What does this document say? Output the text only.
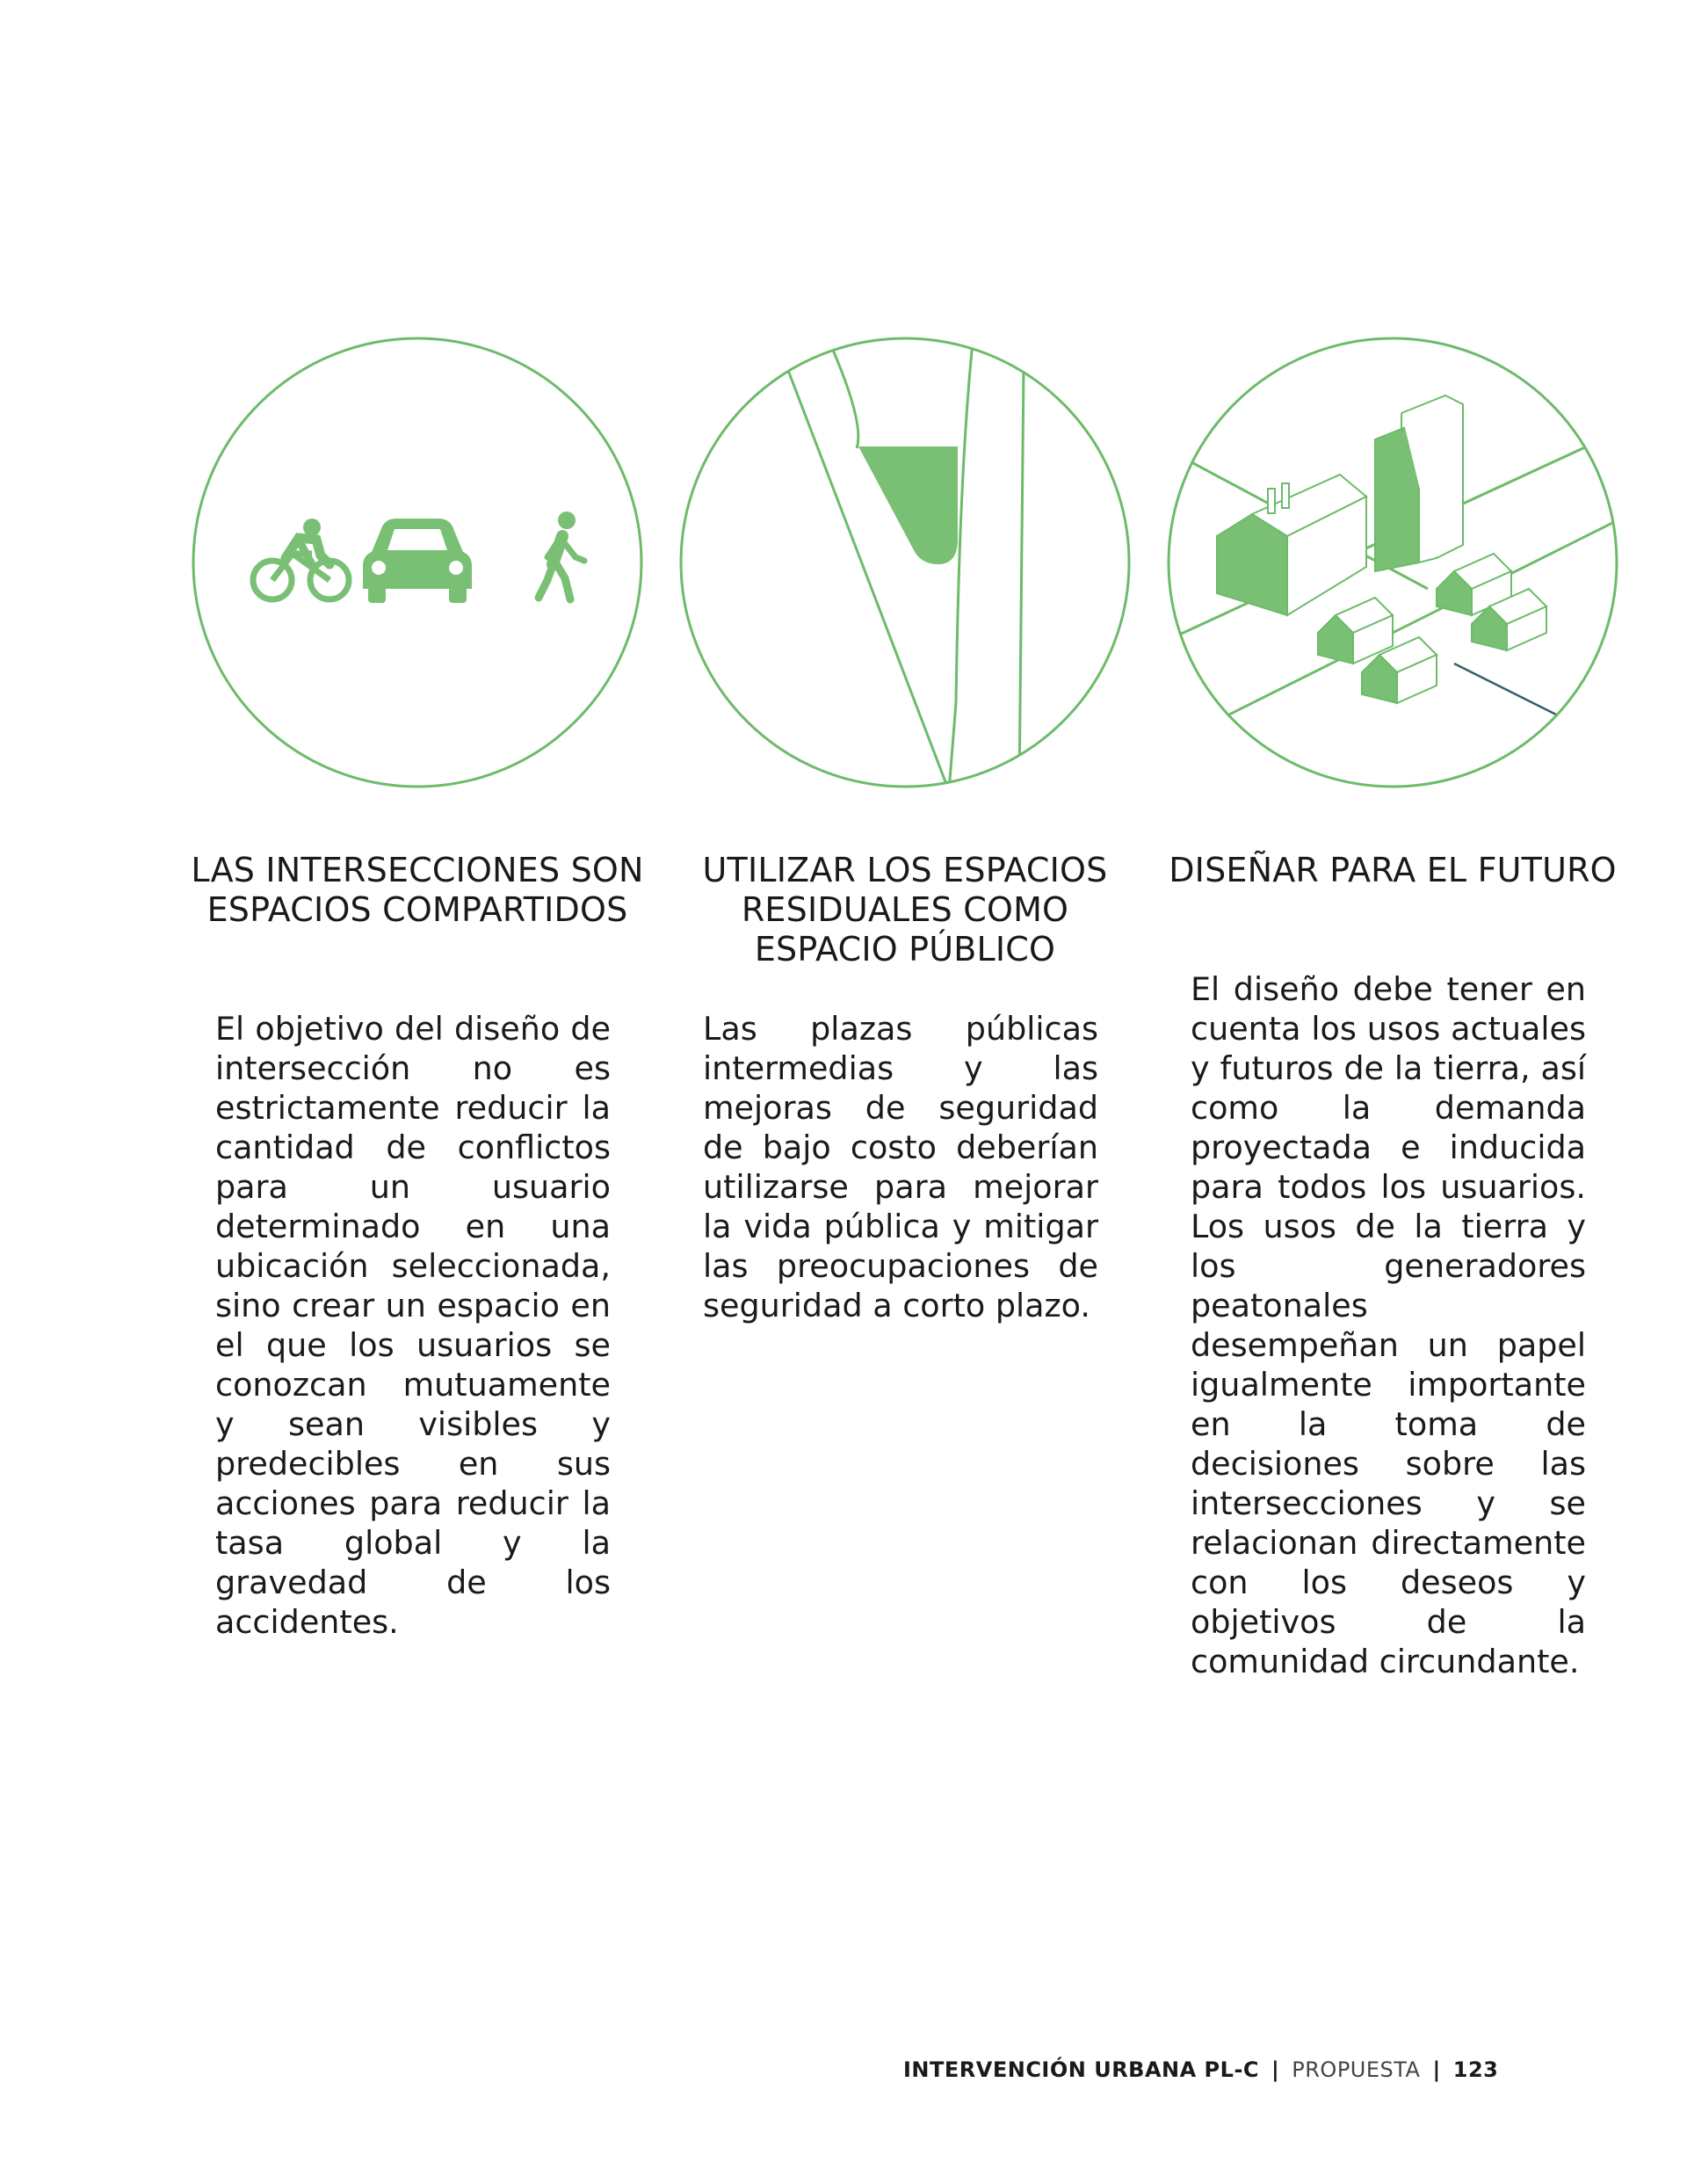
LAS INTERSECCIONES SON ESPACIOS COMPARTIDOS

El objetivo del diseño de intersección no es estrictamente reducir la cantidad de conflictos para un usuario determinado en una ubicación seleccionada, sino crear un espacio en el que los usuarios se conozcan mutuamente y sean visibles y predecibles en sus acciones para reducir la tasa global y la gravedad de los accidentes.

UTILIZAR LOS ESPACIOS RESIDUALES COMO ESPACIO PÚBLICO

Las plazas públicas intermedias y las mejoras de seguridad de bajo costo deberían utilizarse para mejorar la vida pública y mitigar las preocupaciones de seguridad a corto plazo.

DISEÑAR PARA EL FUTURO

El diseño debe tener en cuenta los usos actuales y futuros de la tierra, así como la demanda proyectada e inducida para todos los usuarios. Los usos de la tierra y los generadores peatonales desempeñan un papel igualmente importante en la toma de decisiones sobre las intersecciones y se relacionan directamente con los deseos y objetivos de la comunidad circundante.

INTERVENCIÓN URBANA PL-C | PROPUESTA | 123
